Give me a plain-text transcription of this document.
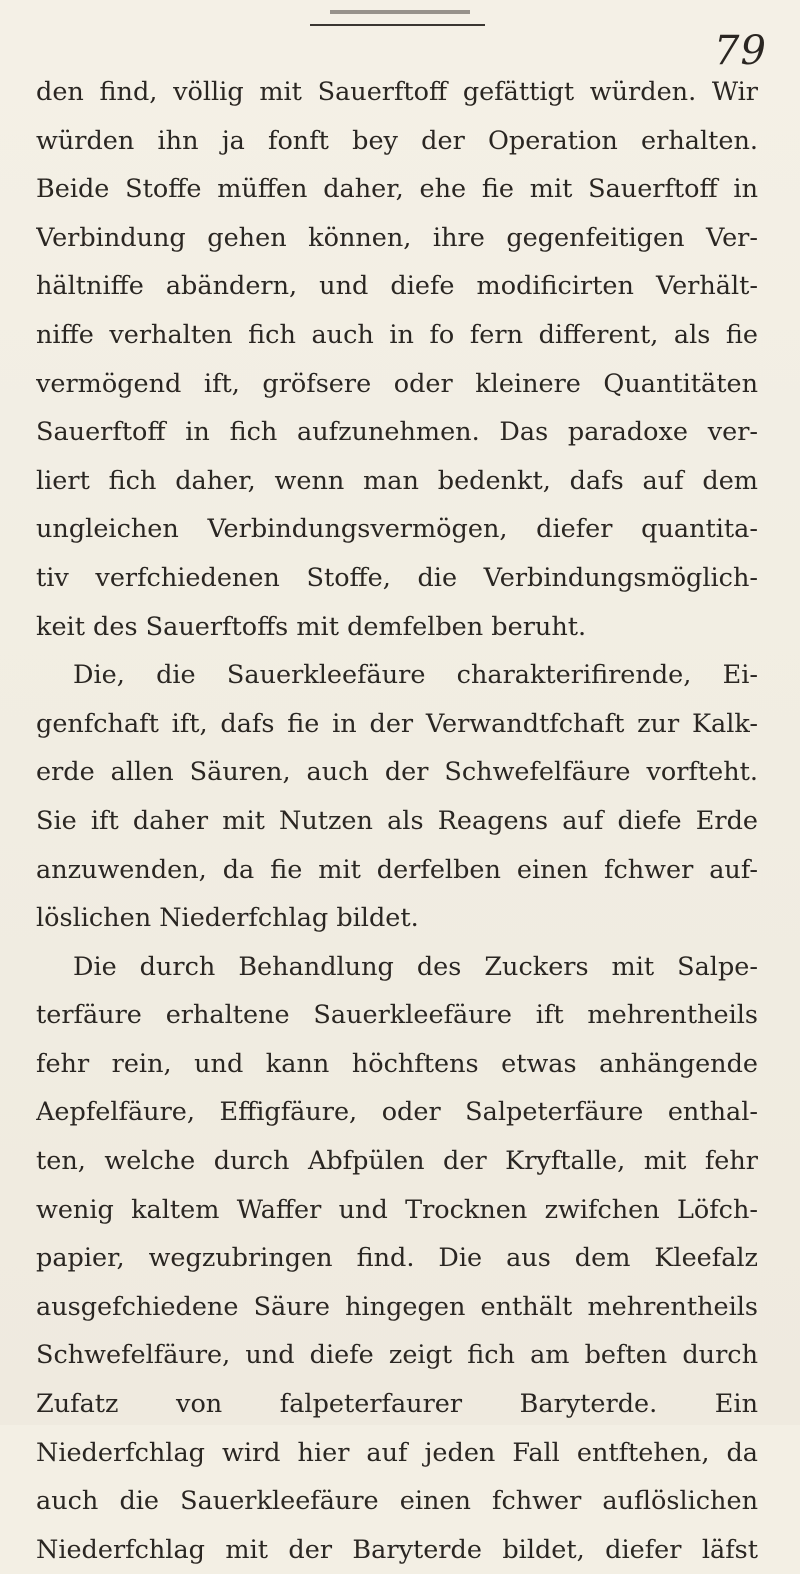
79
den find, völlig mit Sauerftoff gefättigt würden. Wir
würden ihn ja fonft bey der Operation erhalten.
Beide Stoffe müffen daher, ehe fie mit Sauerftoff in
Verbindung gehen können, ihre gegenfeitigen Ver-
hältniffe abändern, und diefe modificirten Verhält-
niffe verhalten fich auch in fo fern different, als fie
vermögend ift, gröfsere oder kleinere Quantitäten
Sauerftoff in fich aufzunehmen. Das paradoxe ver-
liert fich daher, wenn man bedenkt, dafs auf dem
ungleichen Verbindungsvermögen, diefer quantita-
tiv verfchiedenen Stoffe, die Verbindungsmöglich-
keit des Sauerftoffs mit demfelben beruht.
Die, die Sauerkleefäure charakterifirende, Ei-
genfchaft ift, dafs fie in der Verwandtfchaft zur Kalk-
erde allen Säuren, auch der Schwefelfäure vorfteht.
Sie ift daher mit Nutzen als Reagens auf diefe Erde
anzuwenden, da fie mit derfelben einen fchwer auf-
löslichen Niederfchlag bildet.
Die durch Behandlung des Zuckers mit Salpe-
terfäure erhaltene Sauerkleefäure ift mehrentheils
fehr rein, und kann höchftens etwas anhängende
Aepfelfäure, Effigfäure, oder Salpeterfäure enthal-
ten, welche durch Abfpülen der Kryftalle, mit fehr
wenig kaltem Waffer und Trocknen zwifchen Löfch-
papier, wegzubringen find. Die aus dem Kleefalz
ausgefchiedene Säure hingegen enthält mehrentheils
Schwefelfäure, und diefe zeigt fich am beften durch
Zufatz von falpeterfaurer Baryterde. Ein
Niederfchlag wird hier auf jeden Fall entftehen, da
auch die Sauerkleefäure einen fchwer auflöslichen
Niederfchlag mit der Baryterde bildet, diefer läfst
